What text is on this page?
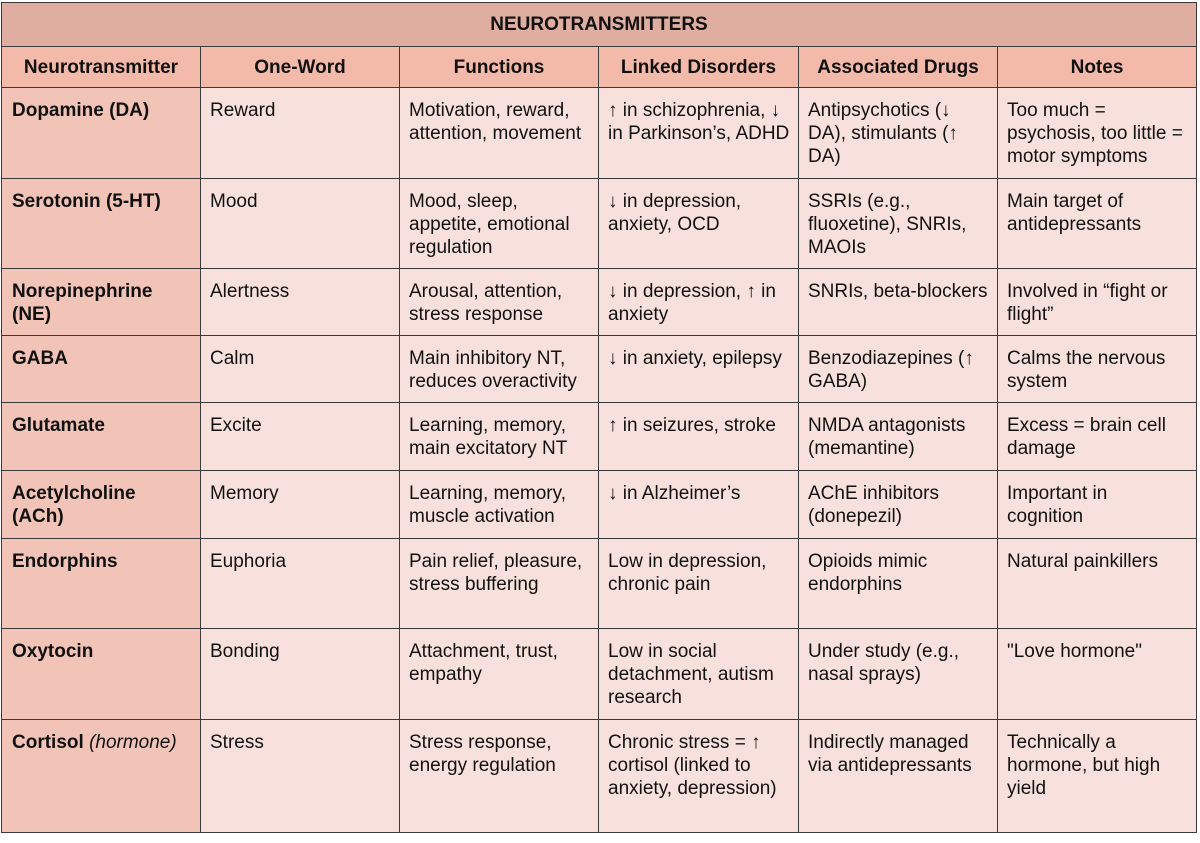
NEUROTRANSMITTERS					
Neurotransmitter	One-Word	Functions	Linked Disorders	Associated Drugs	Notes
Dopamine (DA)	Reward	Motivation, reward, attention, movement	↑ in schizophrenia, ↓ in Parkinson’s, ADHD	Antipsychotics (↓ DA), stimulants (↑ DA)	Too much = psychosis, too little = motor symptoms
Serotonin (5-HT)	Mood	Mood, sleep, appetite, emotional regulation	↓ in depression, anxiety, OCD	SSRIs (e.g., fluoxetine), SNRIs, MAOIs	Main target of antidepressants
Norepinephrine (NE)	Alertness	Arousal, attention, stress response	↓ in depression, ↑ in anxiety	SNRIs, beta-blockers	Involved in “fight or flight”
GABA	Calm	Main inhibitory NT, reduces overactivity	↓ in anxiety, epilepsy	Benzodiazepines (↑ GABA)	Calms the nervous system
Glutamate	Excite	Learning, memory, main excitatory NT	↑ in seizures, stroke	NMDA antagonists (memantine)	Excess = brain cell damage
Acetylcholine (ACh)	Memory	Learning, memory, muscle activation	↓ in Alzheimer’s	AChE inhibitors (donepezil)	Important in cognition
Endorphins	Euphoria	Pain relief, pleasure, stress buffering	Low in depression, chronic pain	Opioids mimic endorphins	Natural painkillers
Oxytocin	Bonding	Attachment, trust, empathy	Low in social detachment, autism research	Under study (e.g., nasal sprays)	"Love hormone"
Cortisol (hormone)	Stress	Stress response, energy regulation	Chronic stress = ↑ cortisol (linked to anxiety, depression)	Indirectly managed via antidepressants	Technically a hormone, but high yield
